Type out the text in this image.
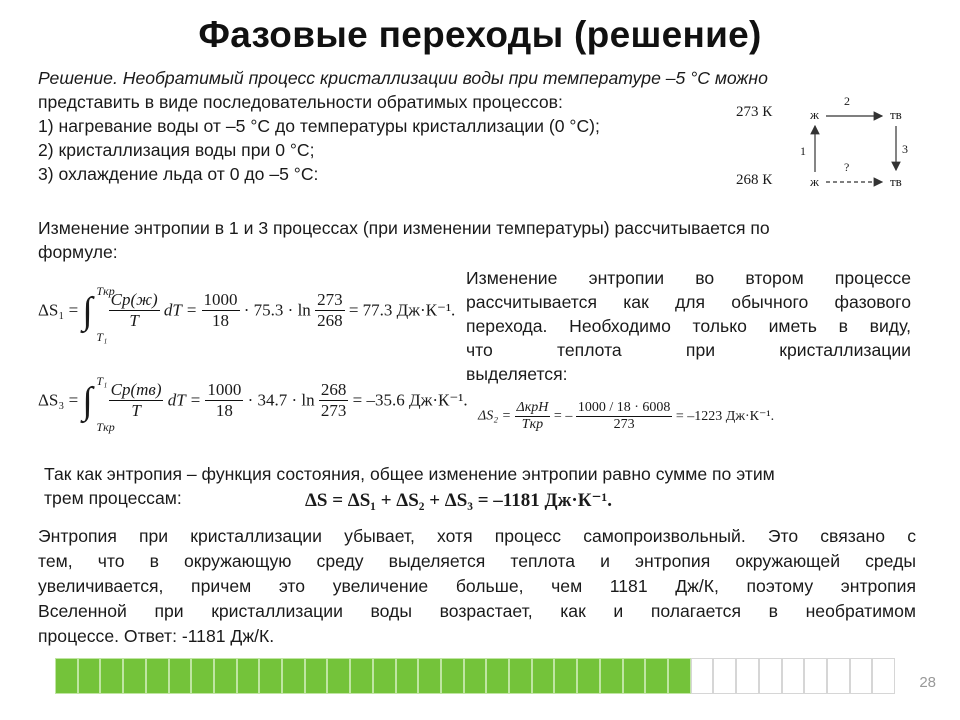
Фазовые переходы (решение)
Решение. Необратимый процесс кристаллизации воды при температуре –5 °С можно
представить в виде последовательности обратимых процессов:
1) нагревание воды от –5 °С до температуры кристаллизации (0 °С);
2) кристаллизация воды при 0 °С;
3) охлаждение льда от 0 до –5 °С:
273 К
268 К
ж	тв
ж	тв
2
?
1	3
Изменение энтропии в 1 и 3 процессах (при изменении температуры) рассчитывается по
формуле:
Изменение энтропии во втором процессе
рассчитывается как для обычного фазового
перехода. Необходимо только иметь в виду,
что теплота при кристаллизации
выделяется:
ΔS₁ = ∫ Tкр
T₁

$\frac{Cp(ж)}{T}$ dT = $\frac{1000}{18} \cdot 75.3 \cdot \ln \frac{273}{268} = 77.3$ Дж·К⁻¹.
ΔS₃ = ∫ T₁
Tкр

$\frac{Cp(тв)}{T}$ dT = $\frac{1000}{18} \cdot 34.7 \cdot \ln \frac{268}{273} = -35.6$ Дж·К⁻¹.
$\Delta S_2 = \frac{\text{ΔкрH}}{\text{Tкр}}$ = – $\frac{1000 / 18 \cdot 6008}{273} = -1223$ Дж·К⁻¹.
Так как энтропия – функция состояния, общее изменение энтропии равно сумме по этим
трем процессам:	ΔS = ΔS₁ + ΔS₂ + ΔS₃ = –1181 Дж·К⁻¹.
Энтропия при кристаллизации убывает, хотя процесс самопроизвольный. Это связано с
тем, что в окружающую среду выделяется теплота и энтропия окружающей среды
увеличивается, причем это увеличение больше, чем 1181 Дж/К, поэтому энтропия
Вселенной при кристаллизации воды возрастает, как и полагается в необратимом
процессе. Ответ: -1181 Дж/К.
28
